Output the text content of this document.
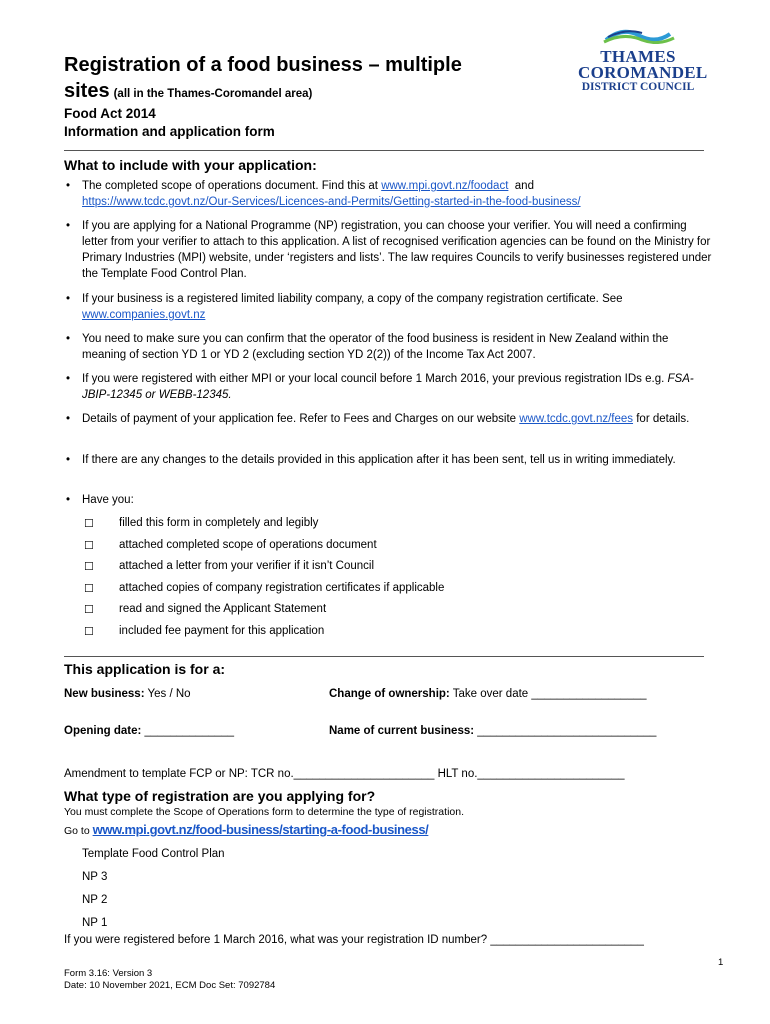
Registration of a food business – multiple
sites (all in the Thames-Coromandel area)
Food Act 2014
Information and application form
THAMES
COROMANDEL
DISTRICT COUNCIL
What to include with your application:
• The completed scope of operations document. Find this at www.mpi.govt.nz/foodact and
https://www.tcdc.govt.nz/Our-Services/Licences-and-Permits/Getting-started-in-the-food-business/
• If you are applying for a National Programme (NP) registration, you can choose your verifier. You will need a confirming letter from your verifier to attach to this application. A list of recognised verification agencies can be found on the Ministry for Primary Industries (MPI) website, under ‘registers and lists’. The law requires Councils to verify businesses registered under the Template Food Control Plan.
• If your business is a registered limited liability company, a copy of the company registration certificate. See
www.companies.govt.nz
• You need to make sure you can confirm that the operator of the food business is resident in New Zealand within the meaning of section YD 1 or YD 2 (excluding section YD 2(2)) of the Income Tax Act 2007.
• If you were registered with either MPI or your local council before 1 March 2016, your previous registration IDs e.g. FSA-JBIP-12345 or WEBB-12345.
• Details of payment of your application fee. Refer to Fees and Charges on our website www.tcdc.govt.nz/fees for details.
• If there are any changes to the details provided in this application after it has been sent, tell us in writing immediately.
• Have you:
☐ filled this form in completely and legibly
☐ attached completed scope of operations document
☐ attached a letter from your verifier if it isn’t Council
☐ attached copies of company registration certificates if applicable
☐ read and signed the Applicant Statement
☐ included fee payment for this application
This application is for a:
New business: Yes / No	Change of ownership: Take over date __________________
Opening date: ______________	Name of current business: ____________________________
Amendment to template FCP or NP: TCR no.______________________ HLT no._______________________
What type of registration are you applying for?
You must complete the Scope of Operations form to determine the type of registration.
Go to www.mpi.govt.nz/food-business/starting-a-food-business/
Template Food Control Plan
NP 3
NP 2
NP 1
If you were registered before 1 March 2016, what was your registration ID number? ________________________
1
Form 3.16: Version 3
Date: 10 November 2021, ECM Doc Set: 7092784
